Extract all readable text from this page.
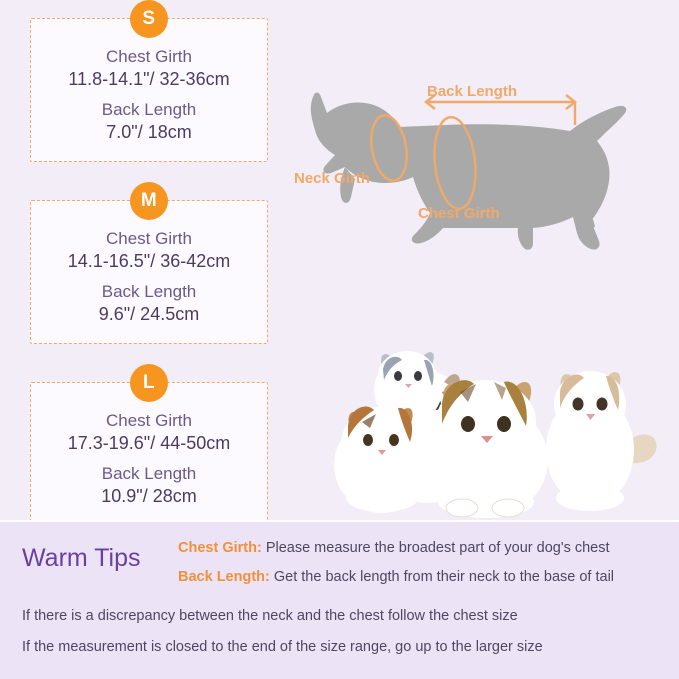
S
Chest Girth
11.8-14.1"/ 32-36cm
Back Length
7.0"/ 18cm
M
Chest Girth
14.1-16.5"/ 36-42cm
Back Length
9.6"/ 24.5cm
L
Chest Girth
17.3-19.6"/ 44-50cm
Back Length
10.9"/ 28cm
Back Length
Neck Girth
Chest Girth
Warm Tips	Chest Girth: Please measure the broadest part of your dog's chest
Back Length: Get the back length from their neck to the base of tail
If there is a discrepancy between the neck and the chest follow the chest size
If the measurement is closed to the end of the size range, go up to the larger size
